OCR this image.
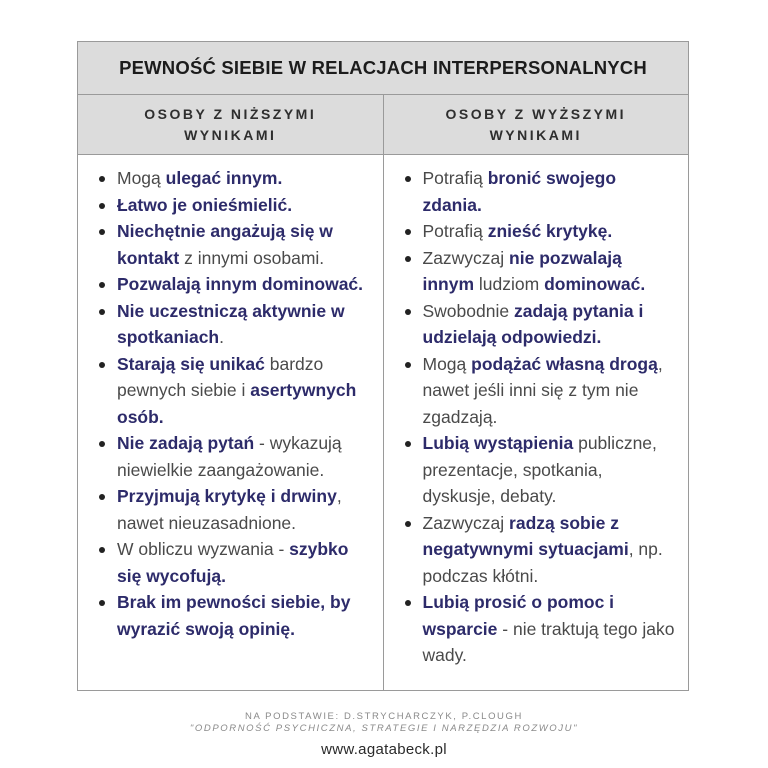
PEWNOŚĆ SIEBIE W RELACJACH INTERPERSONALNYCH
OSOBY Z NIŻSZYMI WYNIKAMI
OSOBY Z WYŻSZYMI WYNIKAMI
Mogą ulegać innym.
Łatwo je onieśmielić.
Niechętnie angażują się w kontakt z innymi osobami.
Pozwalają innym dominować.
Nie uczestniczą aktywnie w spotkaniach.
Starają się unikać bardzo pewnych siebie i asertywnych osób.
Nie zadają pytań - wykazują niewielkie zaangażowanie.
Przyjmują krytykę i drwiny, nawet nieuzasadnione.
W obliczu wyzwania - szybko się wycofują.
Brak im pewności siebie, by wyrazić swoją opinię.
Potrafią bronić swojego zdania.
Potrafią znieść krytykę.
Zazwyczaj nie pozwalają innym ludziom dominować.
Swobodnie zadają pytania i udzielają odpowiedzi.
Mogą podążać własną drogą, nawet jeśli inni się z tym nie zgadzają.
Lubią wystąpienia publiczne, prezentacje, spotkania, dyskusje, debaty.
Zazwyczaj radzą sobie z negatywnymi sytuacjami, np. podczas kłótni.
Lubią prosić o pomoc i wsparcie - nie traktują tego jako wady.
NA PODSTAWIE: D.STRYCHARCZYK, P.CLOUGH
"ODPORNOŚĆ PSYCHICZNA, STRATEGIE I NARZĘDZIA ROZWOJU"
www.agatabeck.pl
